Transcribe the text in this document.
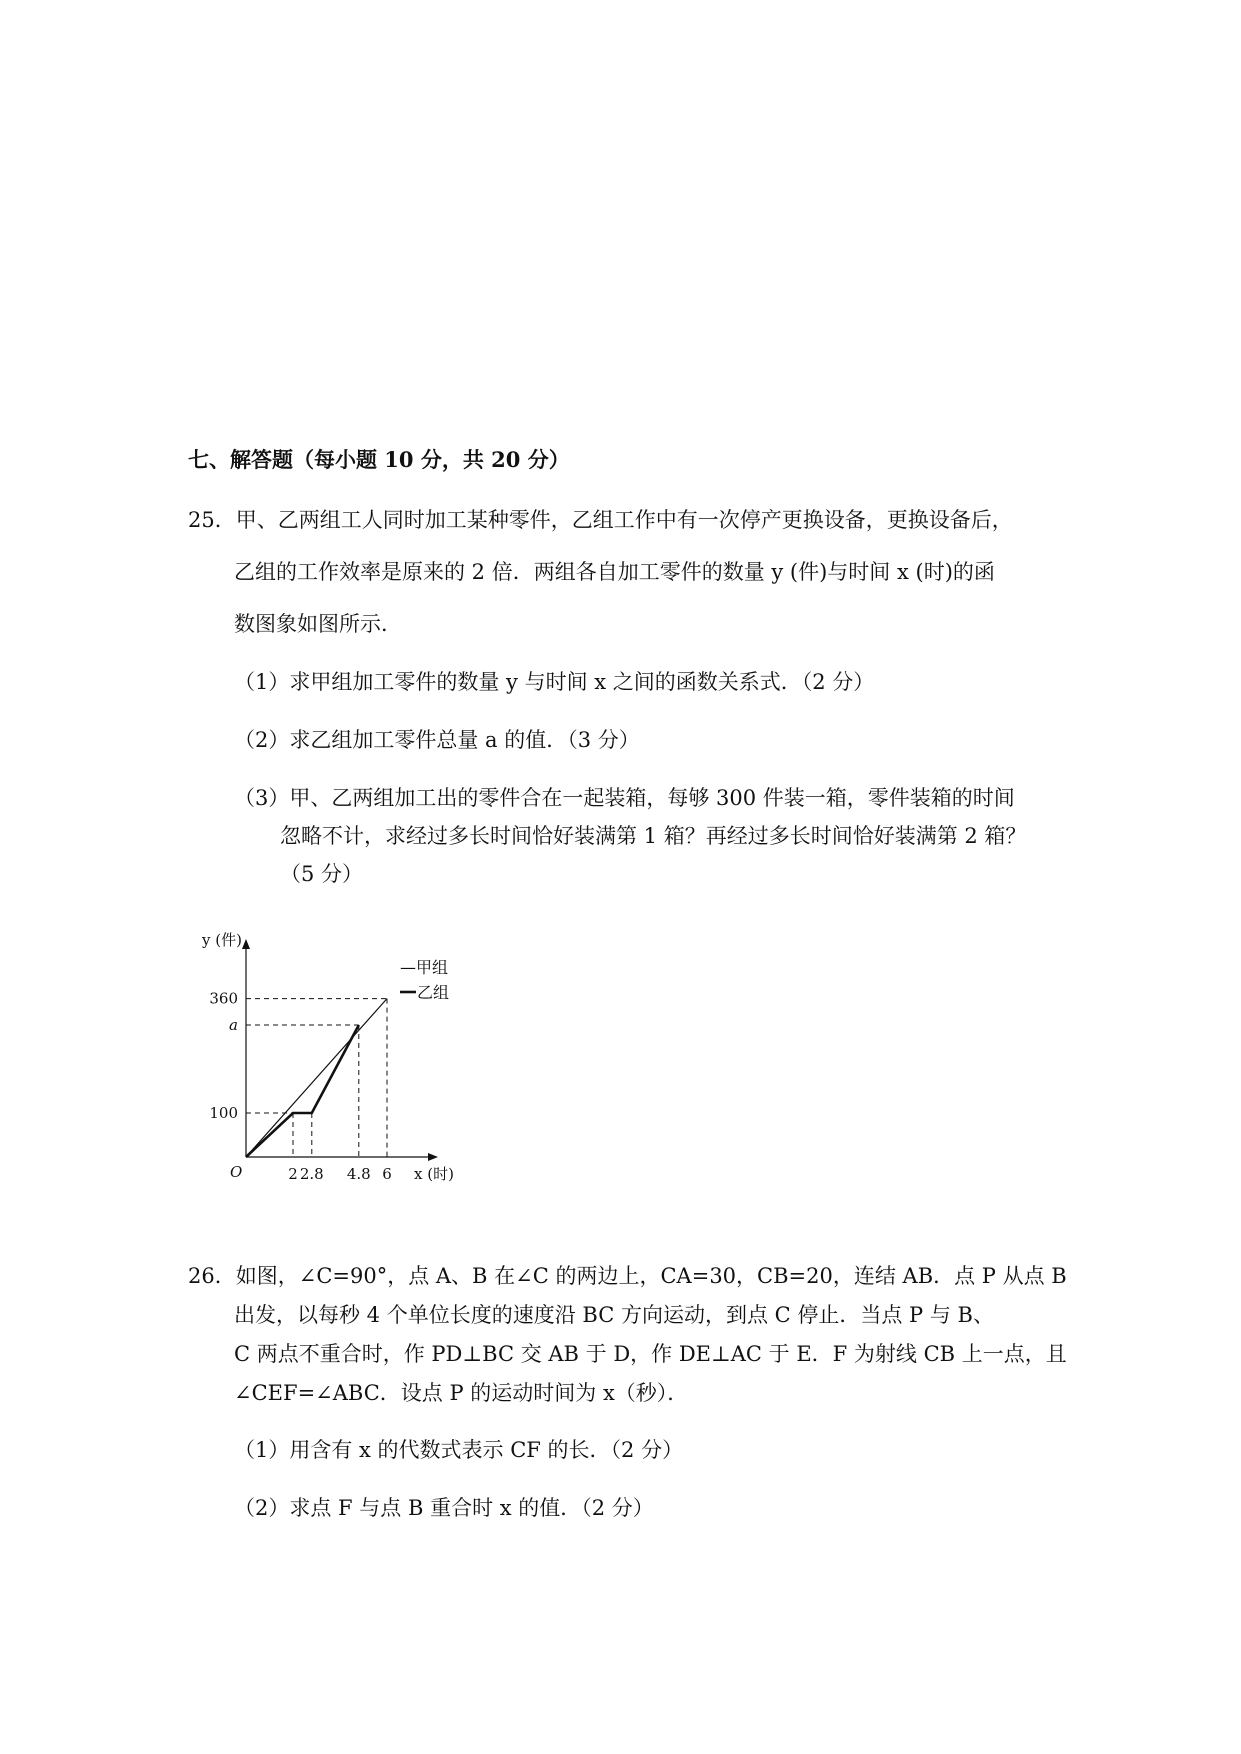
七、解答题（每小题 10 分，共 20 分）
25．甲、乙两组工人同时加工某种零件，乙组工作中有一次停产更换设备，更换设备后，
乙组的工作效率是原来的 2 倍．两组各自加工零件的数量 y (件)与时间 x (时)的函
数图象如图所示．
（1）求甲组加工零件的数量 y 与时间 x 之间的函数关系式．（2 分）
（2）求乙组加工零件总量 a 的值．（3 分）
（3）甲、乙两组加工出的零件合在一起装箱，每够 300 件装一箱，零件装箱的时间
忽略不计，求经过多长时间恰好装满第 1 箱？再经过多长时间恰好装满第 2 箱？
（5 分）
2 2.8 4.8 6
100
a
360
O	x (时)
y (件)
—甲组
乙组
26．如图，∠C=90°，点 A、B 在∠C 的两边上，CA=30，CB=20，连结 AB．点 P 从点 B
出发，以每秒 4 个单位长度的速度沿 BC 方向运动，到点 C 停止．当点 P 与 B、
C 两点不重合时，作 PD⊥BC 交 AB 于 D，作 DE⊥AC 于 E．F 为射线 CB 上一点，且
∠CEF=∠ABC．设点 P 的运动时间为 x（秒）．
（1）用含有 x 的代数式表示 CF 的长．（2 分）
（2）求点 F 与点 B 重合时 x 的值．（2 分）
